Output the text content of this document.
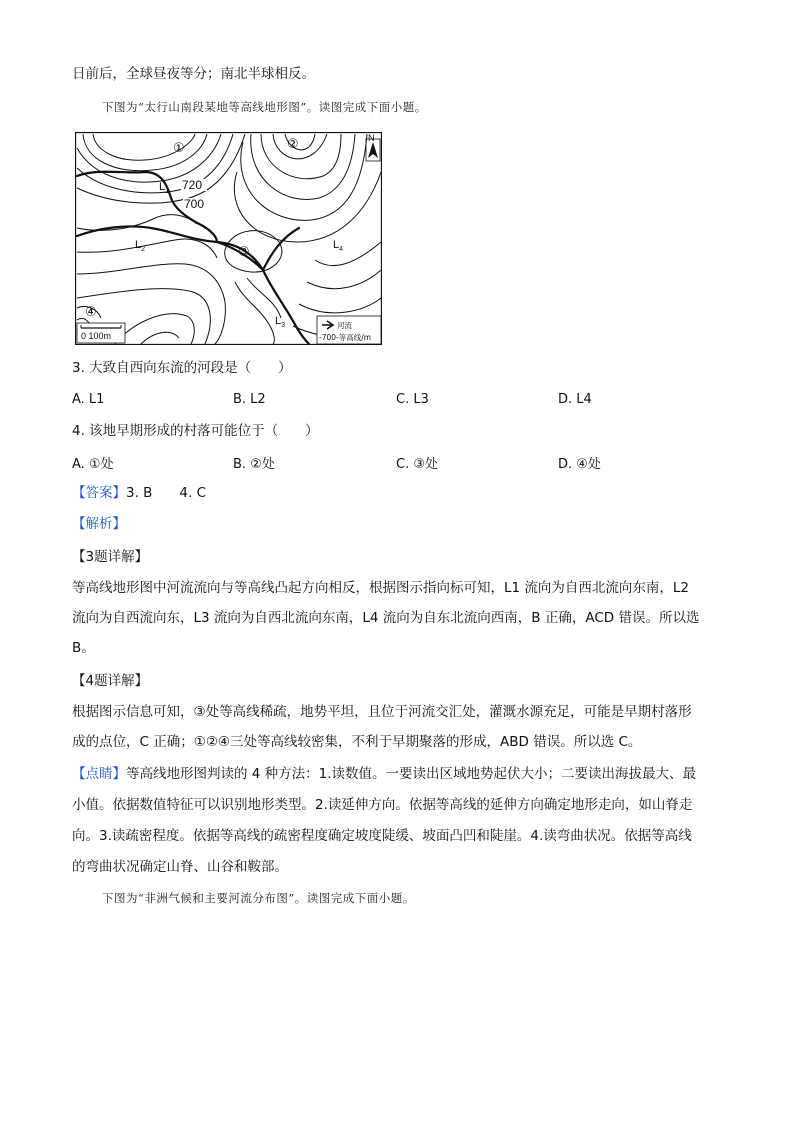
日前后，全球昼夜等分；南北半球相反。
下图为“太行山南段某地等高线地形图”。读图完成下面小题。
N
①	②
③
④
$L_1$
$L_2$
$L_3$
$L_4$
720
700
0 100m
河流
-700-等高线/m
3. 大致自西向东流的河段是（　　）
A. L1	B. L2	C. L3	D. L4
4. 该地早期形成的村落可能位于（　　）
A. ①处	B. ②处	C. ③处	D. ④处
【答案】3. B　　4. C
【解析】
【3题详解】
等高线地形图中河流流向与等高线凸起方向相反，根据图示指向标可知，L1 流向为自西北流向东南，L2
流向为自西流向东，L3 流向为自西北流向东南，L4 流向为自东北流向西南，B 正确，ACD 错误。所以选
B。
【4题详解】
根据图示信息可知，③处等高线稀疏，地势平坦，且位于河流交汇处，灌溉水源充足，可能是早期村落形
成的点位，C 正确；①②④三处等高线较密集，不利于早期聚落的形成，ABD 错误。所以选 C。
【点睛】等高线地形图判读的 4 种方法：1.读数值。一要读出区域地势起伏大小；二要读出海拔最大、最
小值。依据数值特征可以识别地形类型。2.读延伸方向。依据等高线的延伸方向确定地形走向，如山脊走
向。3.读疏密程度。依据等高线的疏密程度确定坡度陡缓、坡面凸凹和陡崖。4.读弯曲状况。依据等高线
的弯曲状况确定山脊、山谷和鞍部。
下图为“非洲气候和主要河流分布图”。读图完成下面小题。
